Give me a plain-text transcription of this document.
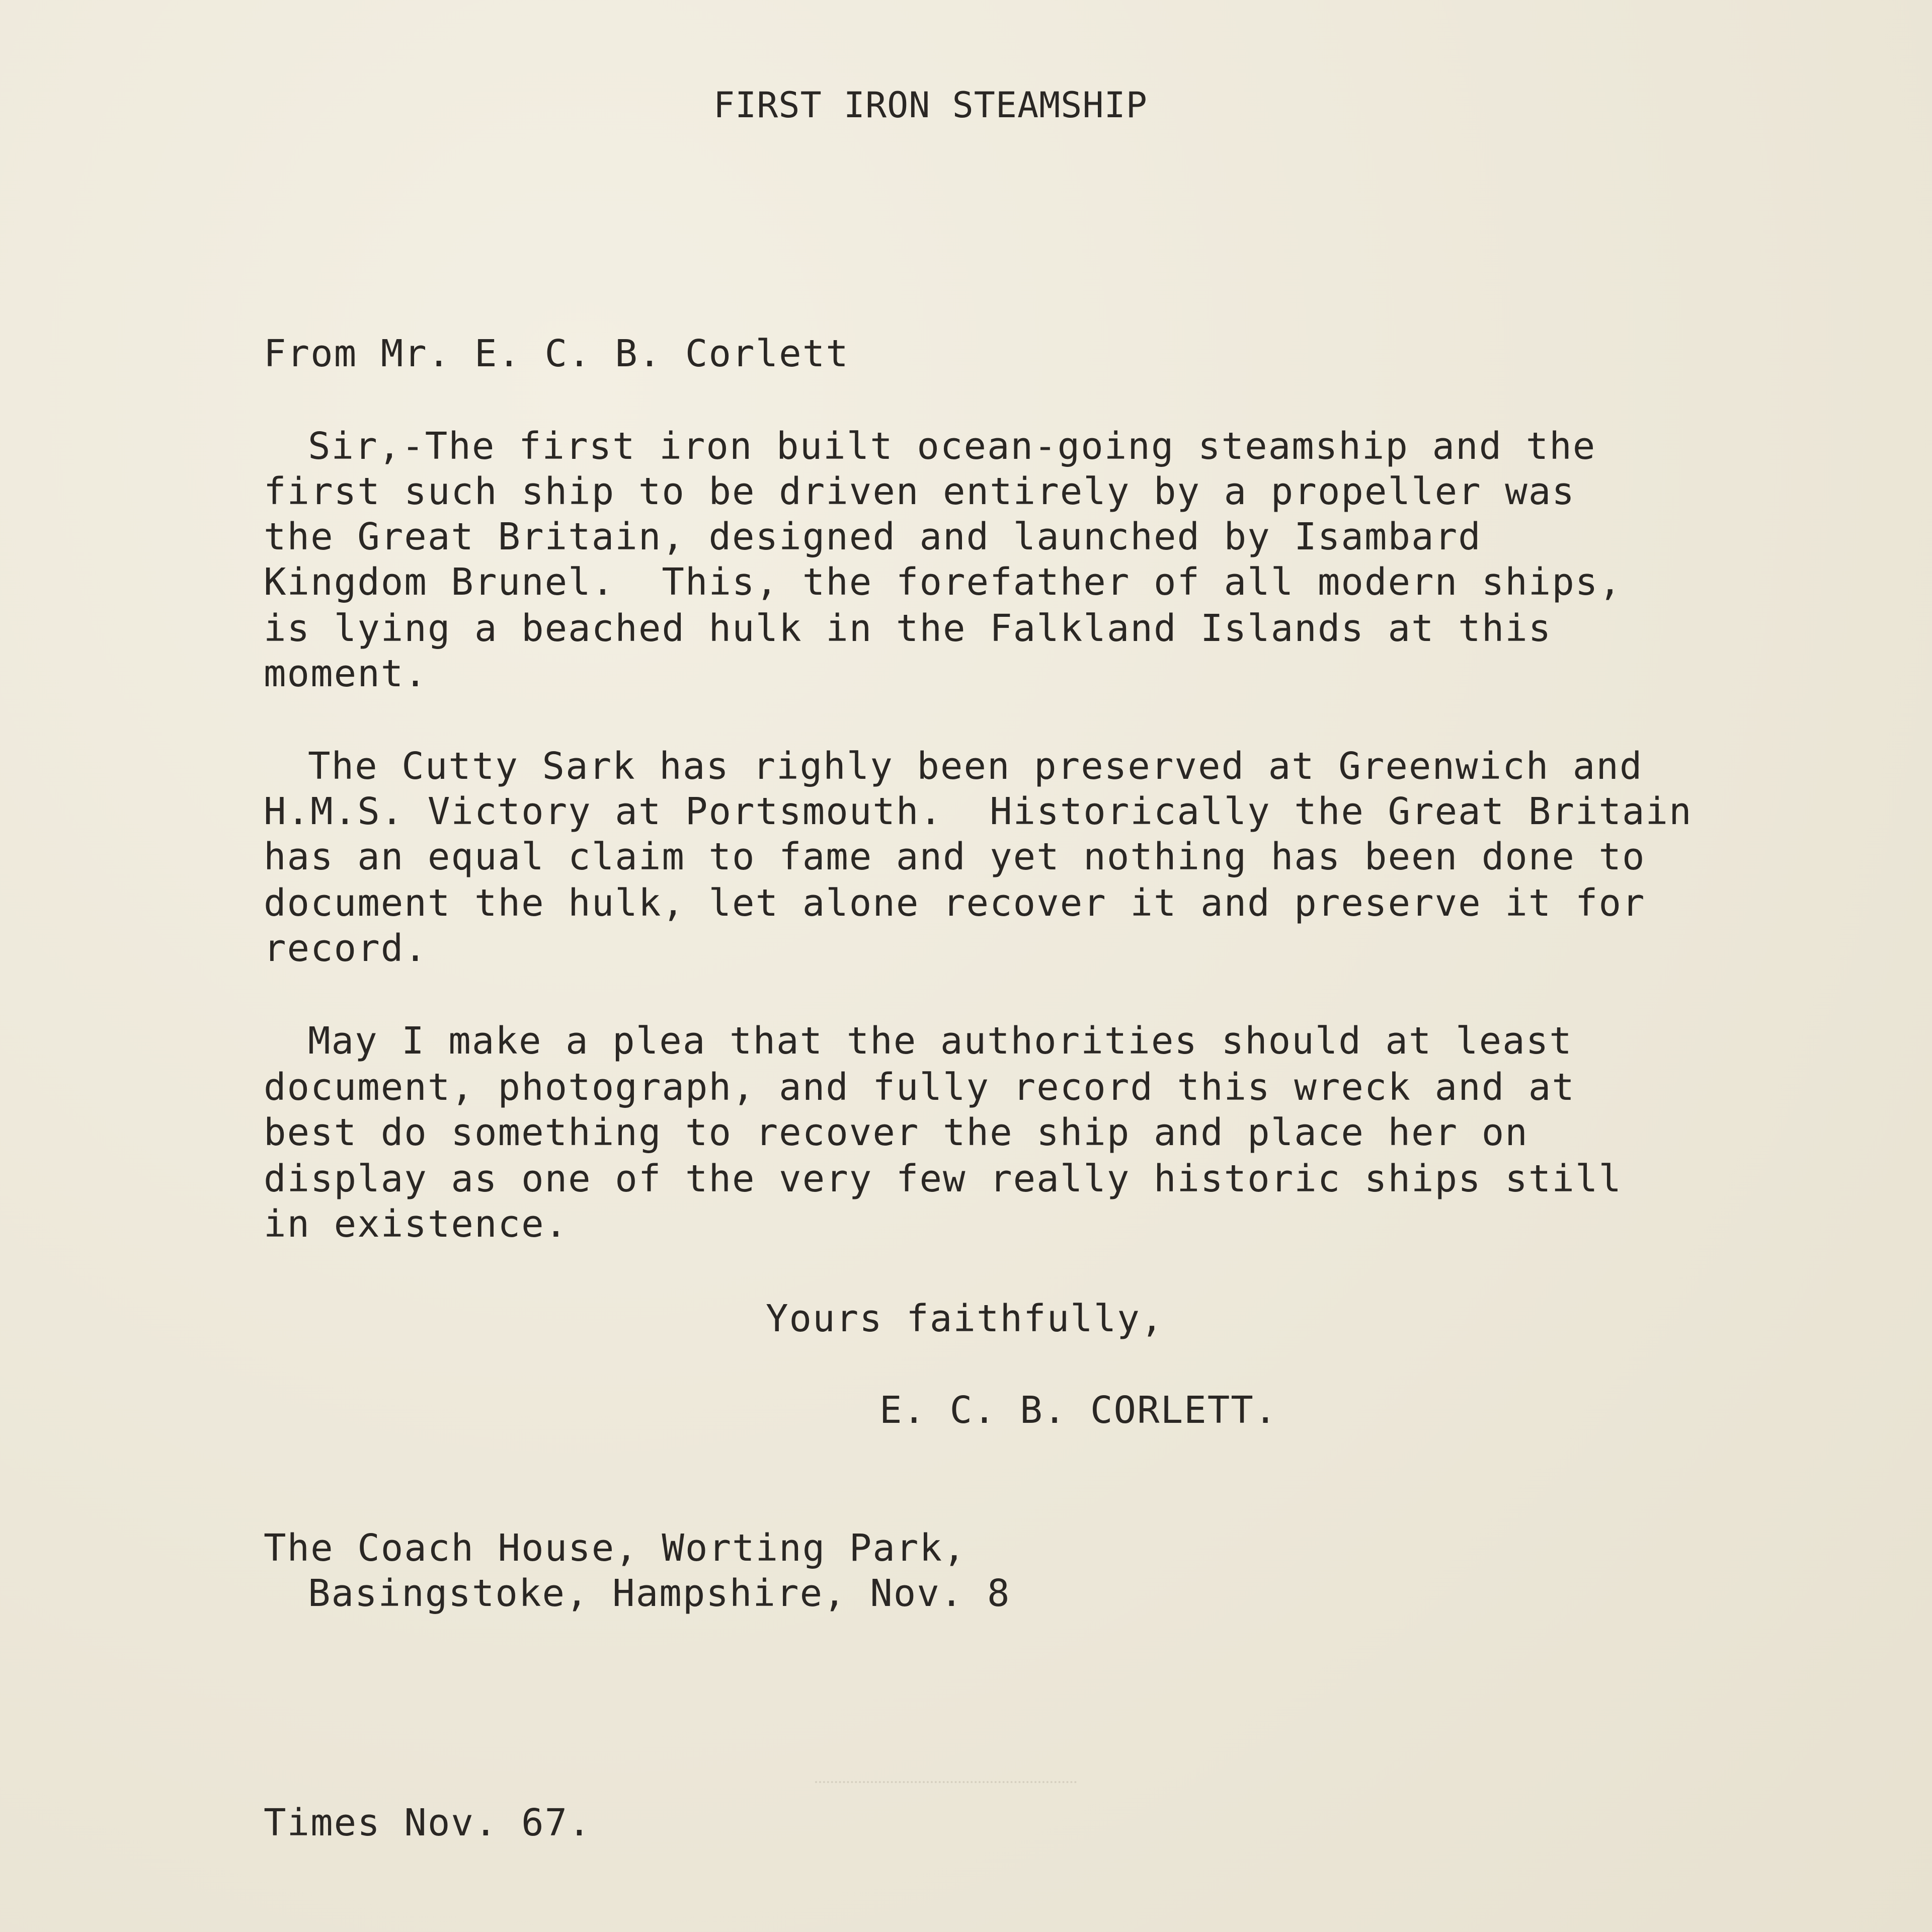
FIRST IRON STEAMSHIP
From Mr. E. C. B. Corlett
Sir,-The first iron built ocean-going steamship and the
first such ship to be driven entirely by a propeller was
the Great Britain, designed and launched by Isambard
Kingdom Brunel.  This, the forefather of all modern ships,
is lying a beached hulk in the Falkland Islands at this
moment.
The Cutty Sark has righly been preserved at Greenwich and
H.M.S. Victory at Portsmouth.  Historically the Great Britain
has an equal claim to fame and yet nothing has been done to
document the hulk, let alone recover it and preserve it for
record.
May I make a plea that the authorities should at least
document, photograph, and fully record this wreck and at
best do something to recover the ship and place her on
display as one of the very few really historic ships still
in existence.
Yours faithfully,
E. C. B. CORLETT.
The Coach House, Worting Park,
Basingstoke, Hampshire, Nov. 8
Times Nov. 67.
